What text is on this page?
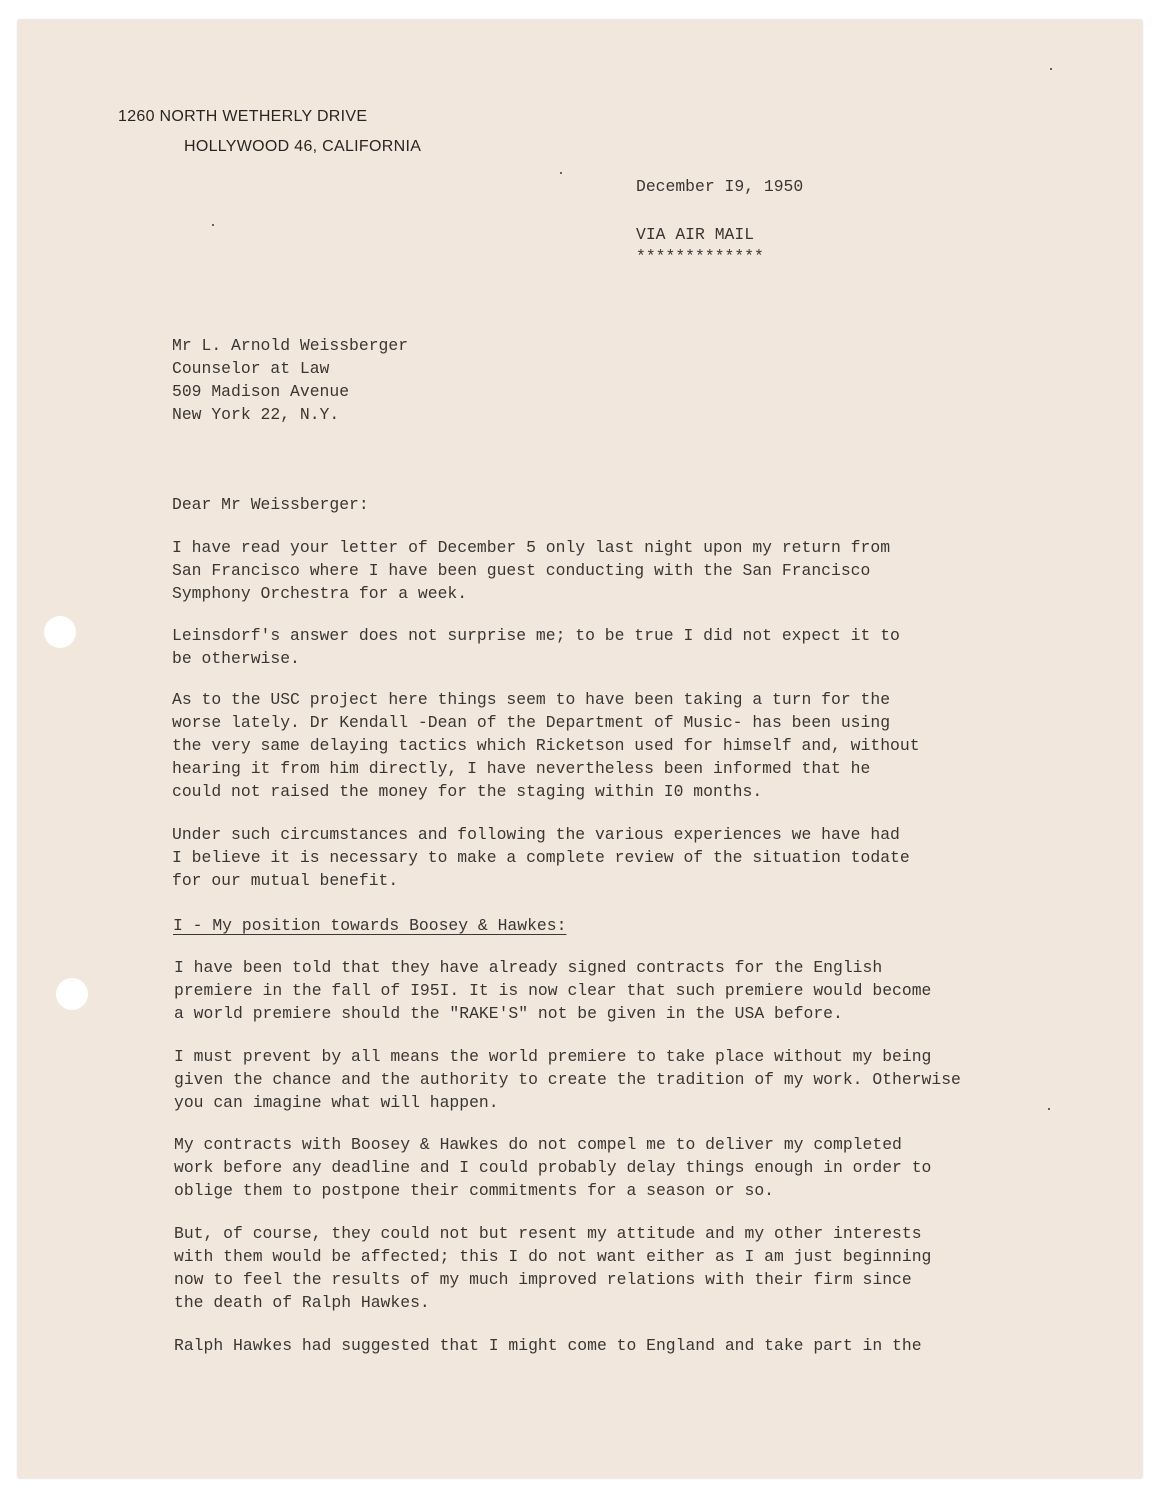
1260 NORTH WETHERLY DRIVE
HOLLYWOOD 46, CALIFORNIA
December I9, 1950
VIA AIR MAIL
*************
Mr L. Arnold Weissberger
Counselor at Law
509 Madison Avenue
New York 22, N.Y.
Dear Mr Weissberger:
I have read your letter of December 5 only last night upon my return from
San Francisco where I have been guest conducting with the San Francisco
Symphony Orchestra for a week.
Leinsdorf's answer does not surprise me; to be true I did not expect it to
be otherwise.
As to the USC project here things seem to have been taking a turn for the
worse lately. Dr Kendall -Dean of the Department of Music- has been using
the very same delaying tactics which Ricketson used for himself and, without
hearing it from him directly, I have nevertheless been informed that he
could not raised the money for the staging within I0 months.
Under such circumstances and following the various experiences we have had
I believe it is necessary to make a complete review of the situation todate
for our mutual benefit.
I - My position towards Boosey & Hawkes:
I have been told that they have already signed contracts for the English
premiere in the fall of I95I. It is now clear that such premiere would become
a world premiere should the "RAKE'S" not be given in the USA before.
I must prevent by all means the world premiere to take place without my being
given the chance and the authority to create the tradition of my work. Otherwise
you can imagine what will happen.
My contracts with Boosey & Hawkes do not compel me to deliver my completed
work before any deadline and I could probably delay things enough in order to
oblige them to postpone their commitments for a season or so.
But, of course, they could not but resent my attitude and my other interests
with them would be affected; this I do not want either as I am just beginning
now to feel the results of my much improved relations with their firm since
the death of Ralph Hawkes.
Ralph Hawkes had suggested that I might come to England and take part in the
